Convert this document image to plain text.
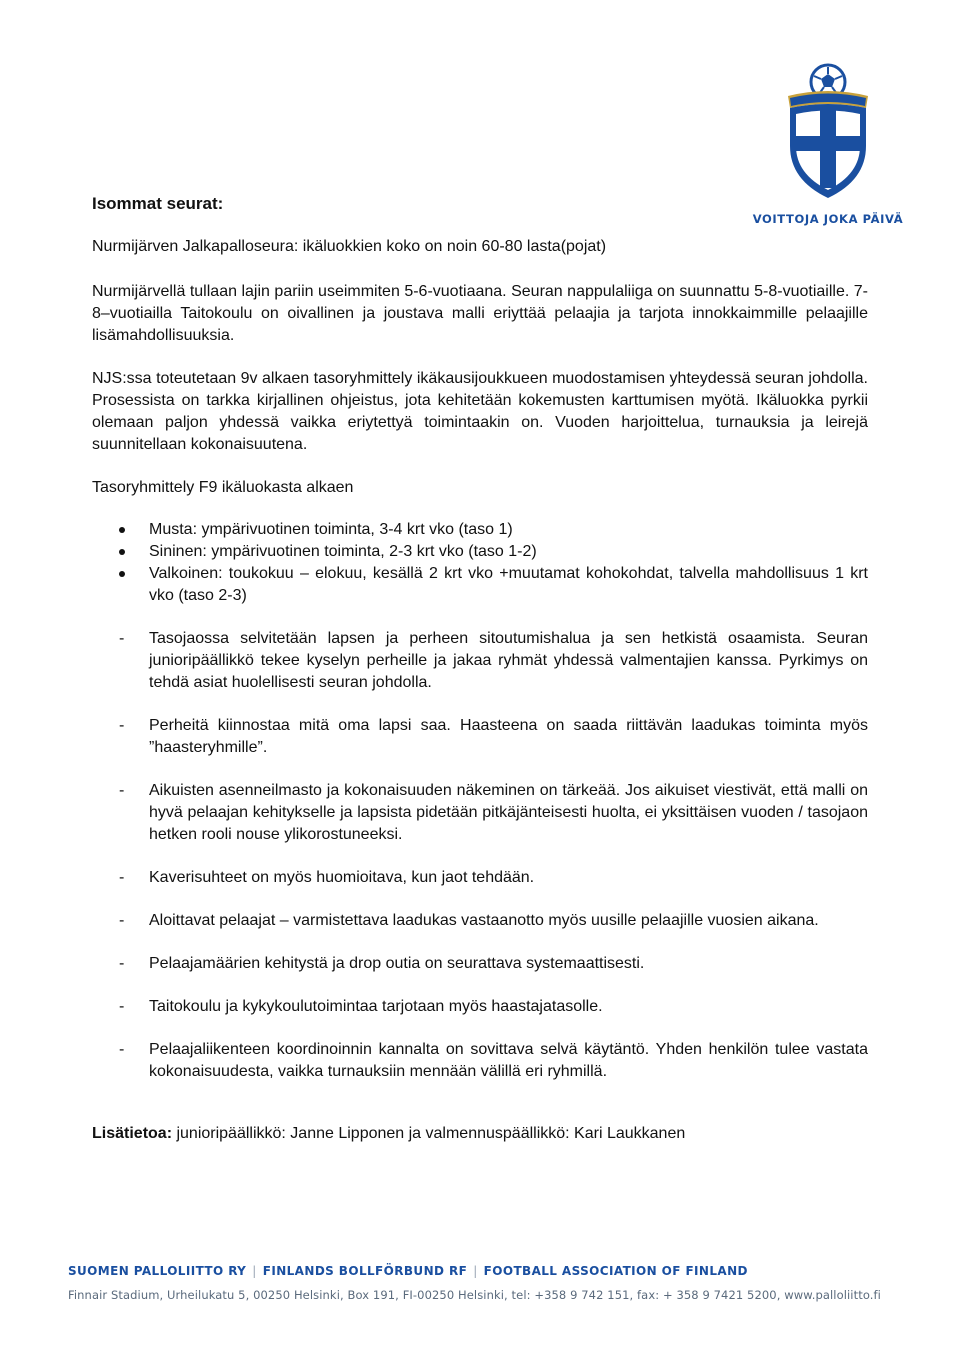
VOITTOJA JOKA PÄIVÄ

Isommat seurat:

Nurmijärven Jalkapalloseura: ikäluokkien koko on noin 60-80 lasta(pojat)

Nurmijärvellä tullaan lajin pariin useimmiten 5-6-vuotiaana. Seuran nappulaliiga on suunnattu 5-8-vuotiaille. 7-8–vuotiailla Taitokoulu on oivallinen ja joustava malli eriyttää pelaajia ja tarjota innokkaimmille pelaajille lisämahdollisuuksia.

NJS:ssa toteutetaan 9v alkaen tasoryhmittely ikäkausijoukkueen muodostamisen yhteydessä seuran johdolla. Prosessista on tarkka kirjallinen ohjeistus, jota kehitetään kokemusten karttumisen myötä. Ikäluokka pyrkii olemaan paljon yhdessä vaikka eriytettyä toimintaakin on. Vuoden harjoittelua, turnauksia ja leirejä suunnitellaan kokonaisuutena.

Tasoryhmittely F9 ikäluokasta alkaen

Musta: ympärivuotinen toiminta, 3-4 krt vko (taso 1)
Sininen: ympärivuotinen toiminta, 2-3 krt vko (taso 1-2)
Valkoinen: toukokuu – elokuu, kesällä 2 krt vko +muutamat kohokohdat, talvella mahdollisuus 1 krt vko (taso 2-3)
- Tasojaossa selvitetään lapsen ja perheen sitoutumishalua ja sen hetkistä osaamista. Seuran junioripäällikkö tekee kyselyn perheille ja jakaa ryhmät yhdessä valmentajien kanssa. Pyrkimys on tehdä asiat huolellisesti seuran johdolla.
- Perheitä kiinnostaa mitä oma lapsi saa. Haasteena on saada riittävän laadukas toiminta myös ”haasteryhmille”.
- Aikuisten asenneilmasto ja kokonaisuuden näkeminen on tärkeää. Jos aikuiset viestivät, että malli on hyvä pelaajan kehitykselle ja lapsista pidetään pitkäjänteisesti huolta, ei yksittäisen vuoden / tasojaon hetken rooli nouse ylikorostuneeksi.
- Kaverisuhteet on myös huomioitava, kun jaot tehdään.
- Aloittavat pelaajat – varmistettava laadukas vastaanotto myös uusille pelaajille vuosien aikana.
- Pelaajamäärien kehitystä ja drop outia on seurattava systemaattisesti.
- Taitokoulu ja kykykoulutoimintaa tarjotaan myös haastajatasolle.
- Pelaajaliikenteen koordinoinnin kannalta on sovittava selvä käytäntö. Yhden henkilön tulee vastata kokonaisuudesta, vaikka turnauksiin mennään välillä eri ryhmillä.

Lisätietoa: junioripäällikkö: Janne Lipponen ja valmennuspäällikkö: Kari Laukkanen

SUOMEN PALLOLIITTO RY | FINLANDS BOLLFÖRBUND RF | FOOTBALL ASSOCIATION OF FINLAND
Finnair Stadium, Urheilukatu 5, 00250 Helsinki, Box 191, FI-00250 Helsinki, tel: +358 9 742 151, fax: + 358 9 7421 5200, www.palloliitto.fi
